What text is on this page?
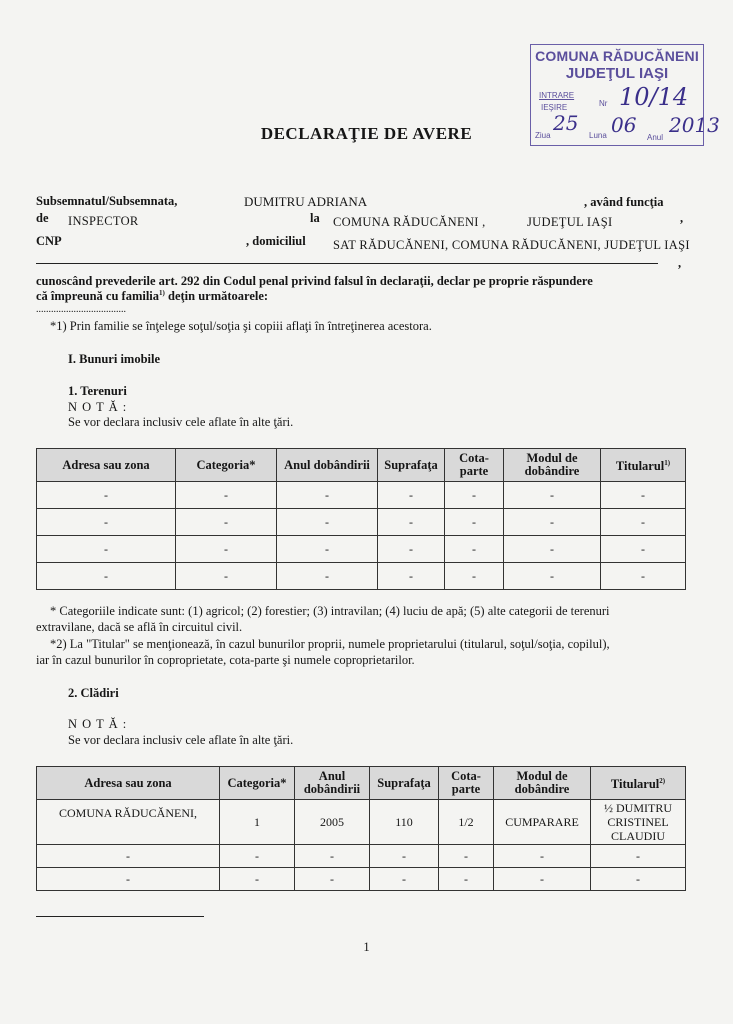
COMUNA RĂDUCĂNENI
JUDEŢUL IAŞI
INTRARE
IEŞIRE	Nr 10/14
Ziua
25
Luna 06
Anul
2013
DECLARAŢIE DE AVERE
Subsemnatul/Subsemnata,	DUMITRU ADRIANA	, având funcţia
de INSPECTOR	la COMUNA RĂDUCĂNENI ,	JUDEŢUL IAŞI	,
CNP	, domiciliul SAT RĂDUCĂNENI, COMUNA RĂDUCĂNENI, JUDEŢUL IAŞI
,
cunoscând prevederile art. 292 din Codul penal privind falsul în declaraţii, declar pe proprie răspundere
că împreună cu familia$^{1)}$ deţin următoarele:
....................................
*1) Prin familie se înţelege soţul/soţia şi copiii aflaţi în întreţinerea acestora.
I. Bunuri imobile
1. Terenuri
N O T Ă :
Se vor declara inclusiv cele aflate în alte ţări.
Adresa sau zona	Categoria*	Anul dobândirii	Suprafaţa	Cota-parte	Modul de dobândire	Titularul$^{1)}$
-	-	-	-	-	-	-
-	-	-	-	-	-	-
-	-	-	-	-	-	-
-	-	-	-	-	-	-
* Categoriile indicate sunt: (1) agricol; (2) forestier; (3) intravilan; (4) luciu de apă; (5) alte categorii de terenuri
extravilane, dacă se află în circuitul civil.
*2) La "Titular" se menţionează, în cazul bunurilor proprii, numele proprietarului (titularul, soţul/soţia, copilul),
iar în cazul bunurilor în coproprietate, cota-parte şi numele coproprietarilor.
2. Clădiri
N O T Ă :
Se vor declara inclusiv cele aflate în alte ţări.
Adresa sau zona	Categoria*	Anul dobândirii	Suprafaţa	Cota-parte	Modul de dobândire	Titularul$^{2)}$
COMUNA RĂDUCĂNENI,	1	2005	110	1/2	CUMPARARE	½ DUMITRU CRISTINEL CLAUDIU
-	-	-	-	-	-	-
-	-	-	-	-	-	-
1
